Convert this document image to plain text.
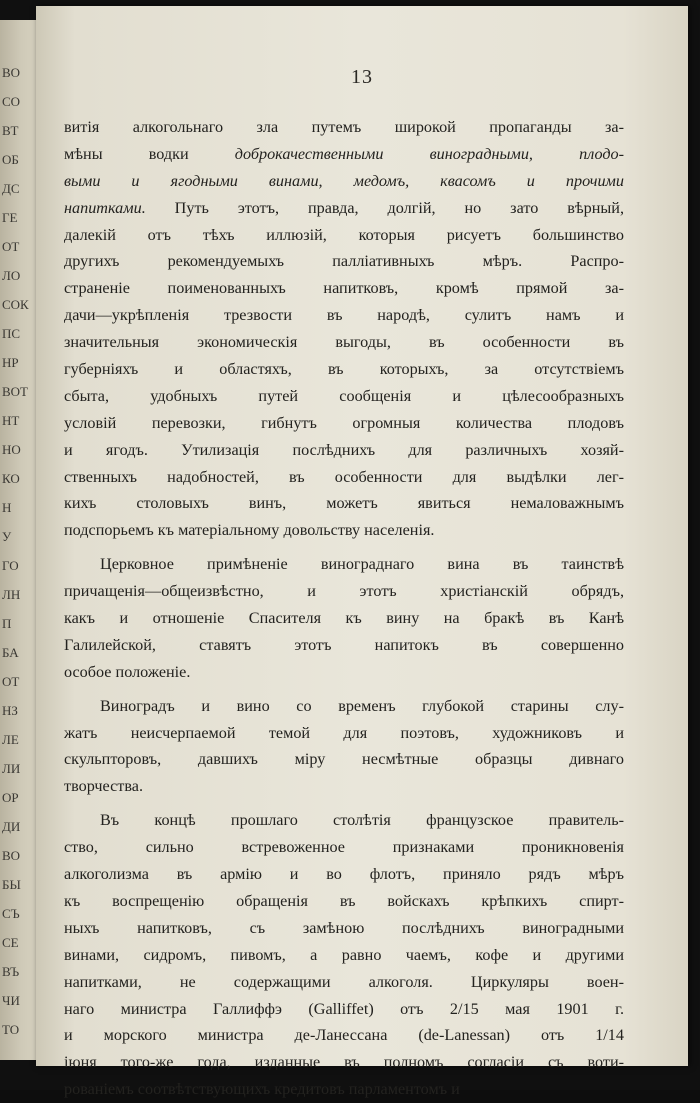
ВО
СО
ВТ
ОБ
ДС
ГЕ
ОТ
ЛО
СОК
ПС
НР
ВОТ
НТ
НО
КО
Н
У
ГО
ЛН
П
БА
ОТ
НЗ
ЛЕ
ЛИ
ОР
ДИ
ВО
БЫ
СЪ
СЕ
ВЪ
ЧИ
ТО
13
витія алкогольнаго зла путемъ широкой пропаганды за-
мѣны водки доброкачественными виноградными, плодо-
выми и ягодными винами, медомъ, квасомъ и прочими
напитками. Путь этотъ, правда, долгій, но зато вѣрный,
далекій отъ тѣхъ иллюзій, которыя рисуетъ большинство
другихъ рекомендуемыхъ паллiативныхъ мѣръ. Распро-
страненіе поименованныхъ напитковъ, кромѣ прямой за-
дачи—укрѣпленія трезвости въ народѣ, сулитъ намъ и
значительныя экономическія выгоды, въ особенности въ
губерніяхъ и областяхъ, въ которыхъ, за отсутствіемъ
сбыта, удобныхъ путей сообщенія и цѣлесообразныхъ
условій перевозки, гибнутъ огромныя количества плодовъ
и ягодъ. Утилизація послѣднихъ для различныхъ хозяй-
ственныхъ надобностей, въ особенности для выдѣлки лег-
кихъ столовыхъ винъ, можетъ явиться немаловажнымъ
подспорьемъ къ матеріальному довольству населенія.
Церковное примѣненіе винограднаго вина въ таинствѣ
причащенія—общеизвѣстно, и этотъ христіанскій обрядъ,
какъ и отношеніе Спасителя къ вину на бракѣ въ Канѣ
Галилейской, ставятъ этотъ напитокъ въ совершенно
особое положеніе.
Виноградъ и вино со временъ глубокой старины слу-
жатъ неисчерпаемой темой для поэтовъ, художниковъ и
скульпторовъ, давшихъ міру несмѣтные образцы дивнаго
творчества.
Въ концѣ прошлаго столѣтія французское правитель-
ство, сильно встревоженное признаками проникновенія
алкоголизма въ армію и во флотъ, приняло рядъ мѣръ
къ воспрещенію обращенія въ войскахъ крѣпкихъ спирт-
ныхъ напитковъ, съ замѣною послѣднихъ виноградными
винами, сидромъ, пивомъ, а равно чаемъ, кофе и другими
напитками, не содержащими алкоголя. Циркуляры воен-
наго министра Галлиффэ (Galliffet) отъ 2/15 мая 1901 г.
и морского министра де-Ланессана (de-Lanessan) отъ 1/14
іюня того-же года, изданные въ полномъ согласіи съ воти-
рованіемъ соотвѣтствующихъ кредитовъ парламентомъ и
